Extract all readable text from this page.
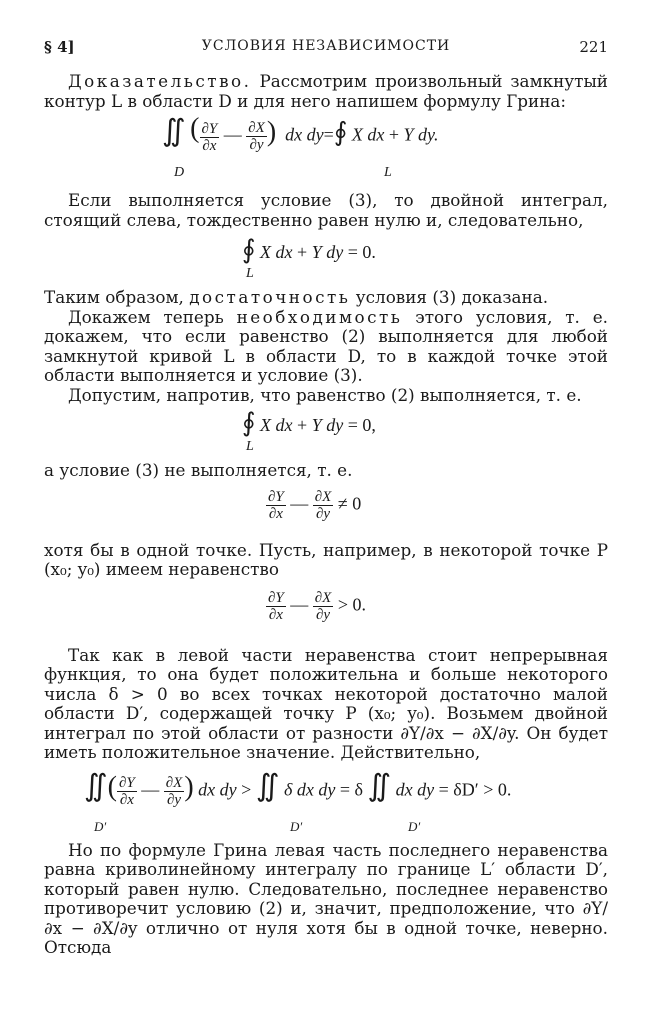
§ 4]	УСЛОВИЯ НЕЗАВИСИМОСТИ	221

Доказательство. Рассмотрим произвольный замкнутый контур L в области D и для него напишем формулу Грина:

∬ ( $\frac{\partial Y}{\partial x}$ — $\frac{\partial X}{\partial y}$ )  dx dy=∮ X dx + Y dy.
D	L

Если выполняется условие (3), то двойной интеграл, стоящий слева, тождественно равен нулю и, следовательно,

∮ X dx + Y dy = 0.
L

Таким образом, достаточность условия (3) доказана.

Докажем теперь необходимость этого условия, т. е. докажем, что если равенство (2) выполняется для любой замкнутой кривой L в области D, то в каждой точке этой области выполняется и условие (3).

Допустим, напротив, что равенство (2) выполняется, т. е.

∮ X dx + Y dy = 0,
L

а условие (3) не выполняется, т. е.

$\frac{\partial Y}{\partial x}$ — $\frac{\partial X}{\partial y} \ne 0$

хотя бы в одной точке. Пусть, например, в некоторой точке P (x₀; y₀) имеем неравенство

$\frac{\partial Y}{\partial x}$ — $\frac{\partial X}{\partial y} > 0$.

Так как в левой части неравенства стоит непрерывная функция, то она будет положительна и больше некоторого числа δ > 0 во всех точках некоторой достаточно малой области D′, содержащей точку P (x₀; y₀). Возьмем двойной интеграл по этой области от разности ∂Y/∂x − ∂X/∂y. Он будет иметь положительное значение. Действительно,

∬( $\frac{\partial Y}{\partial x}$ — $\frac{\partial X}{\partial y}$ ) dx dy > ∬ δ dx dy = δ ∬ dx dy = δD′ > 0.
D′	D′	D′

Но по формуле Грина левая часть последнего неравенства равна криволинейному интегралу по границе L′ области D′, который равен нулю. Следовательно, последнее неравенство противоречит условию (2) и, значит, предположение, что ∂Y/∂x − ∂X/∂y отлично от нуля хотя бы в одной точке, неверно. Отсюда
